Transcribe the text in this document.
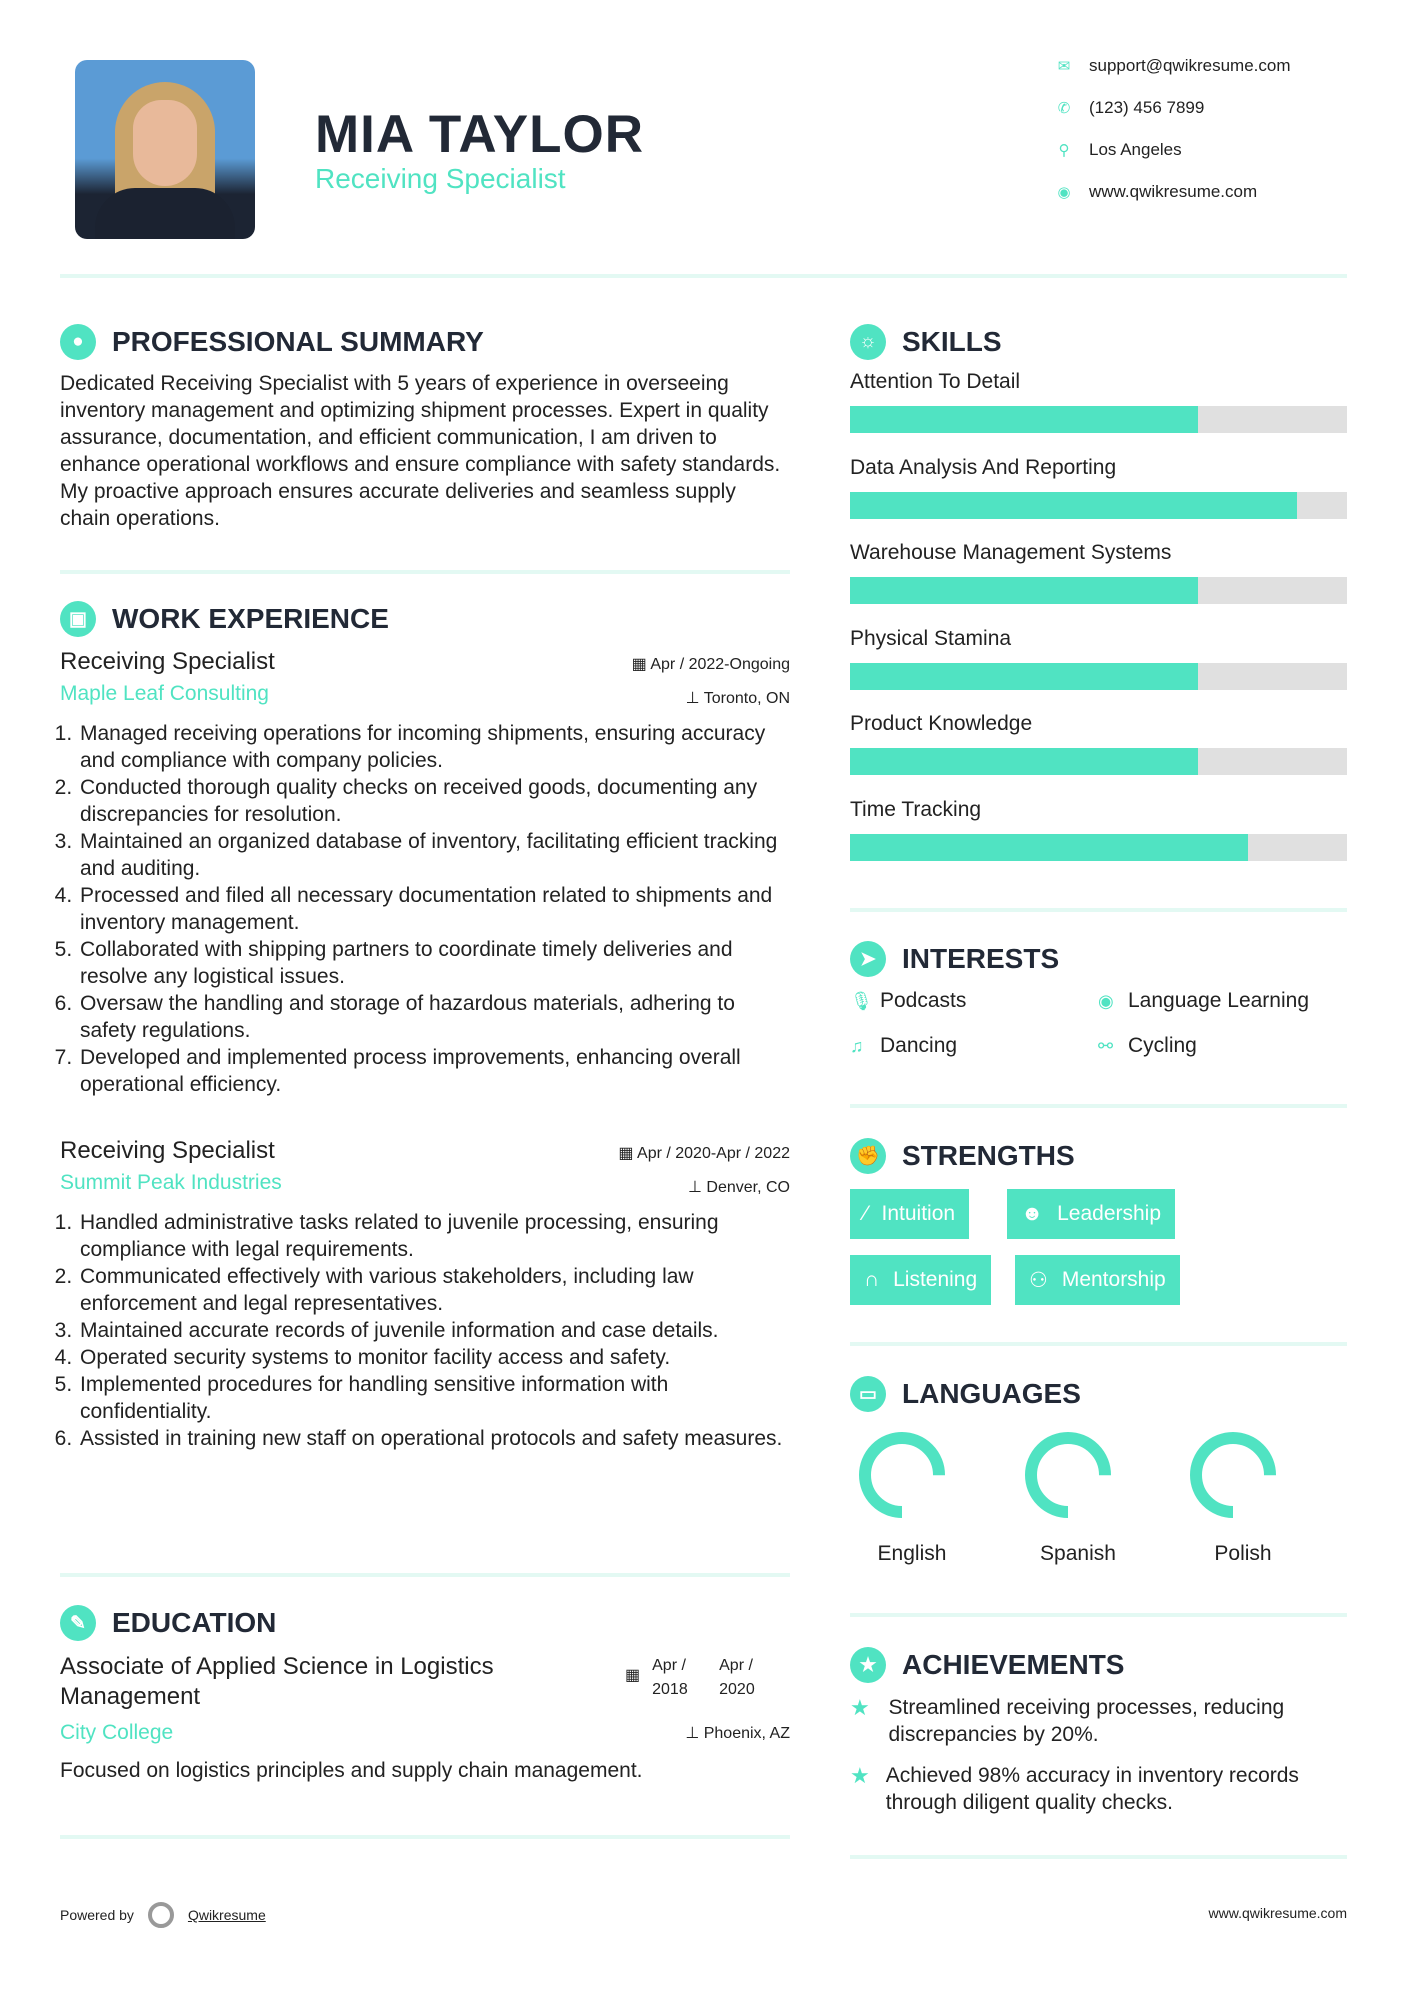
MIA TAYLOR
Receiving Specialist
●	PROFESSIONAL SUMMARY
Dedicated Receiving Specialist with 5 years of experience in overseeing inventory management and optimizing shipment processes. Expert in quality assurance, documentation, and efficient communication, I am driven to enhance operational workflows and ensure compliance with safety standards. My proactive approach ensures accurate deliveries and seamless supply chain operations.
▣ WORK EXPERIENCE
Receiving Specialist
Maple Leaf Consulting
▦ Apr / 2022-Ongoing
⊥ Toronto, ON
1. Managed receiving operations for incoming shipments, ensuring accuracy and compliance with company policies.
2. Conducted thorough quality checks on received goods, documenting any discrepancies for resolution.
3. Maintained an organized database of inventory, facilitating efficient tracking and auditing.
4. Processed and filed all necessary documentation related to shipments and inventory management.
5. Collaborated with shipping partners to coordinate timely deliveries and resolve any logistical issues.
6. Oversaw the handling and storage of hazardous materials, adhering to safety regulations.
7. Developed and implemented process improvements, enhancing overall operational efficiency.
Receiving Specialist
Summit Peak Industries
▦ Apr / 2020-Apr / 2022
⊥ Denver, CO
1. Handled administrative tasks related to juvenile processing, ensuring compliance with legal requirements.
2. Communicated effectively with various stakeholders, including law enforcement and legal representatives.
3. Maintained accurate records of juvenile information and case details.
4. Operated security systems to monitor facility access and safety.
5. Implemented procedures for handling sensitive information with confidentiality.
6. Assisted in training new staff on operational protocols and safety measures.
✎ EDUCATION
Associate of Applied Science in Logistics Management
▦
Apr / 2018
Apr / 2020
City College	⊥ Phoenix, AZ
Focused on logistics principles and supply chain management.
Powered by	Qwikresume	www.qwikresume.com
☼ SKILLS
Attention To Detail
Data Analysis And Reporting
Warehouse Management Systems
Physical Stamina
Product Knowledge
Time Tracking
➤ INTERESTS
✊ STRENGTHS
▭ LANGUAGES
★ ACHIEVEMENTS
★ Streamlined receiving processes, reducing discrepancies by 20%.
★ Achieved 98% accuracy in inventory records through diligent quality checks.
✉ support@qwikresume.com
✆ (123) 456 7899
⚲ Los Angeles
◉ www.qwikresume.com
🎙 Podcasts	◉ Language Learning
♫ Dancing	⚯ Cycling
⁄ Intuition	☻ Leadership
∩ Listening ⚇ Mentorship
English	Spanish	Polish
